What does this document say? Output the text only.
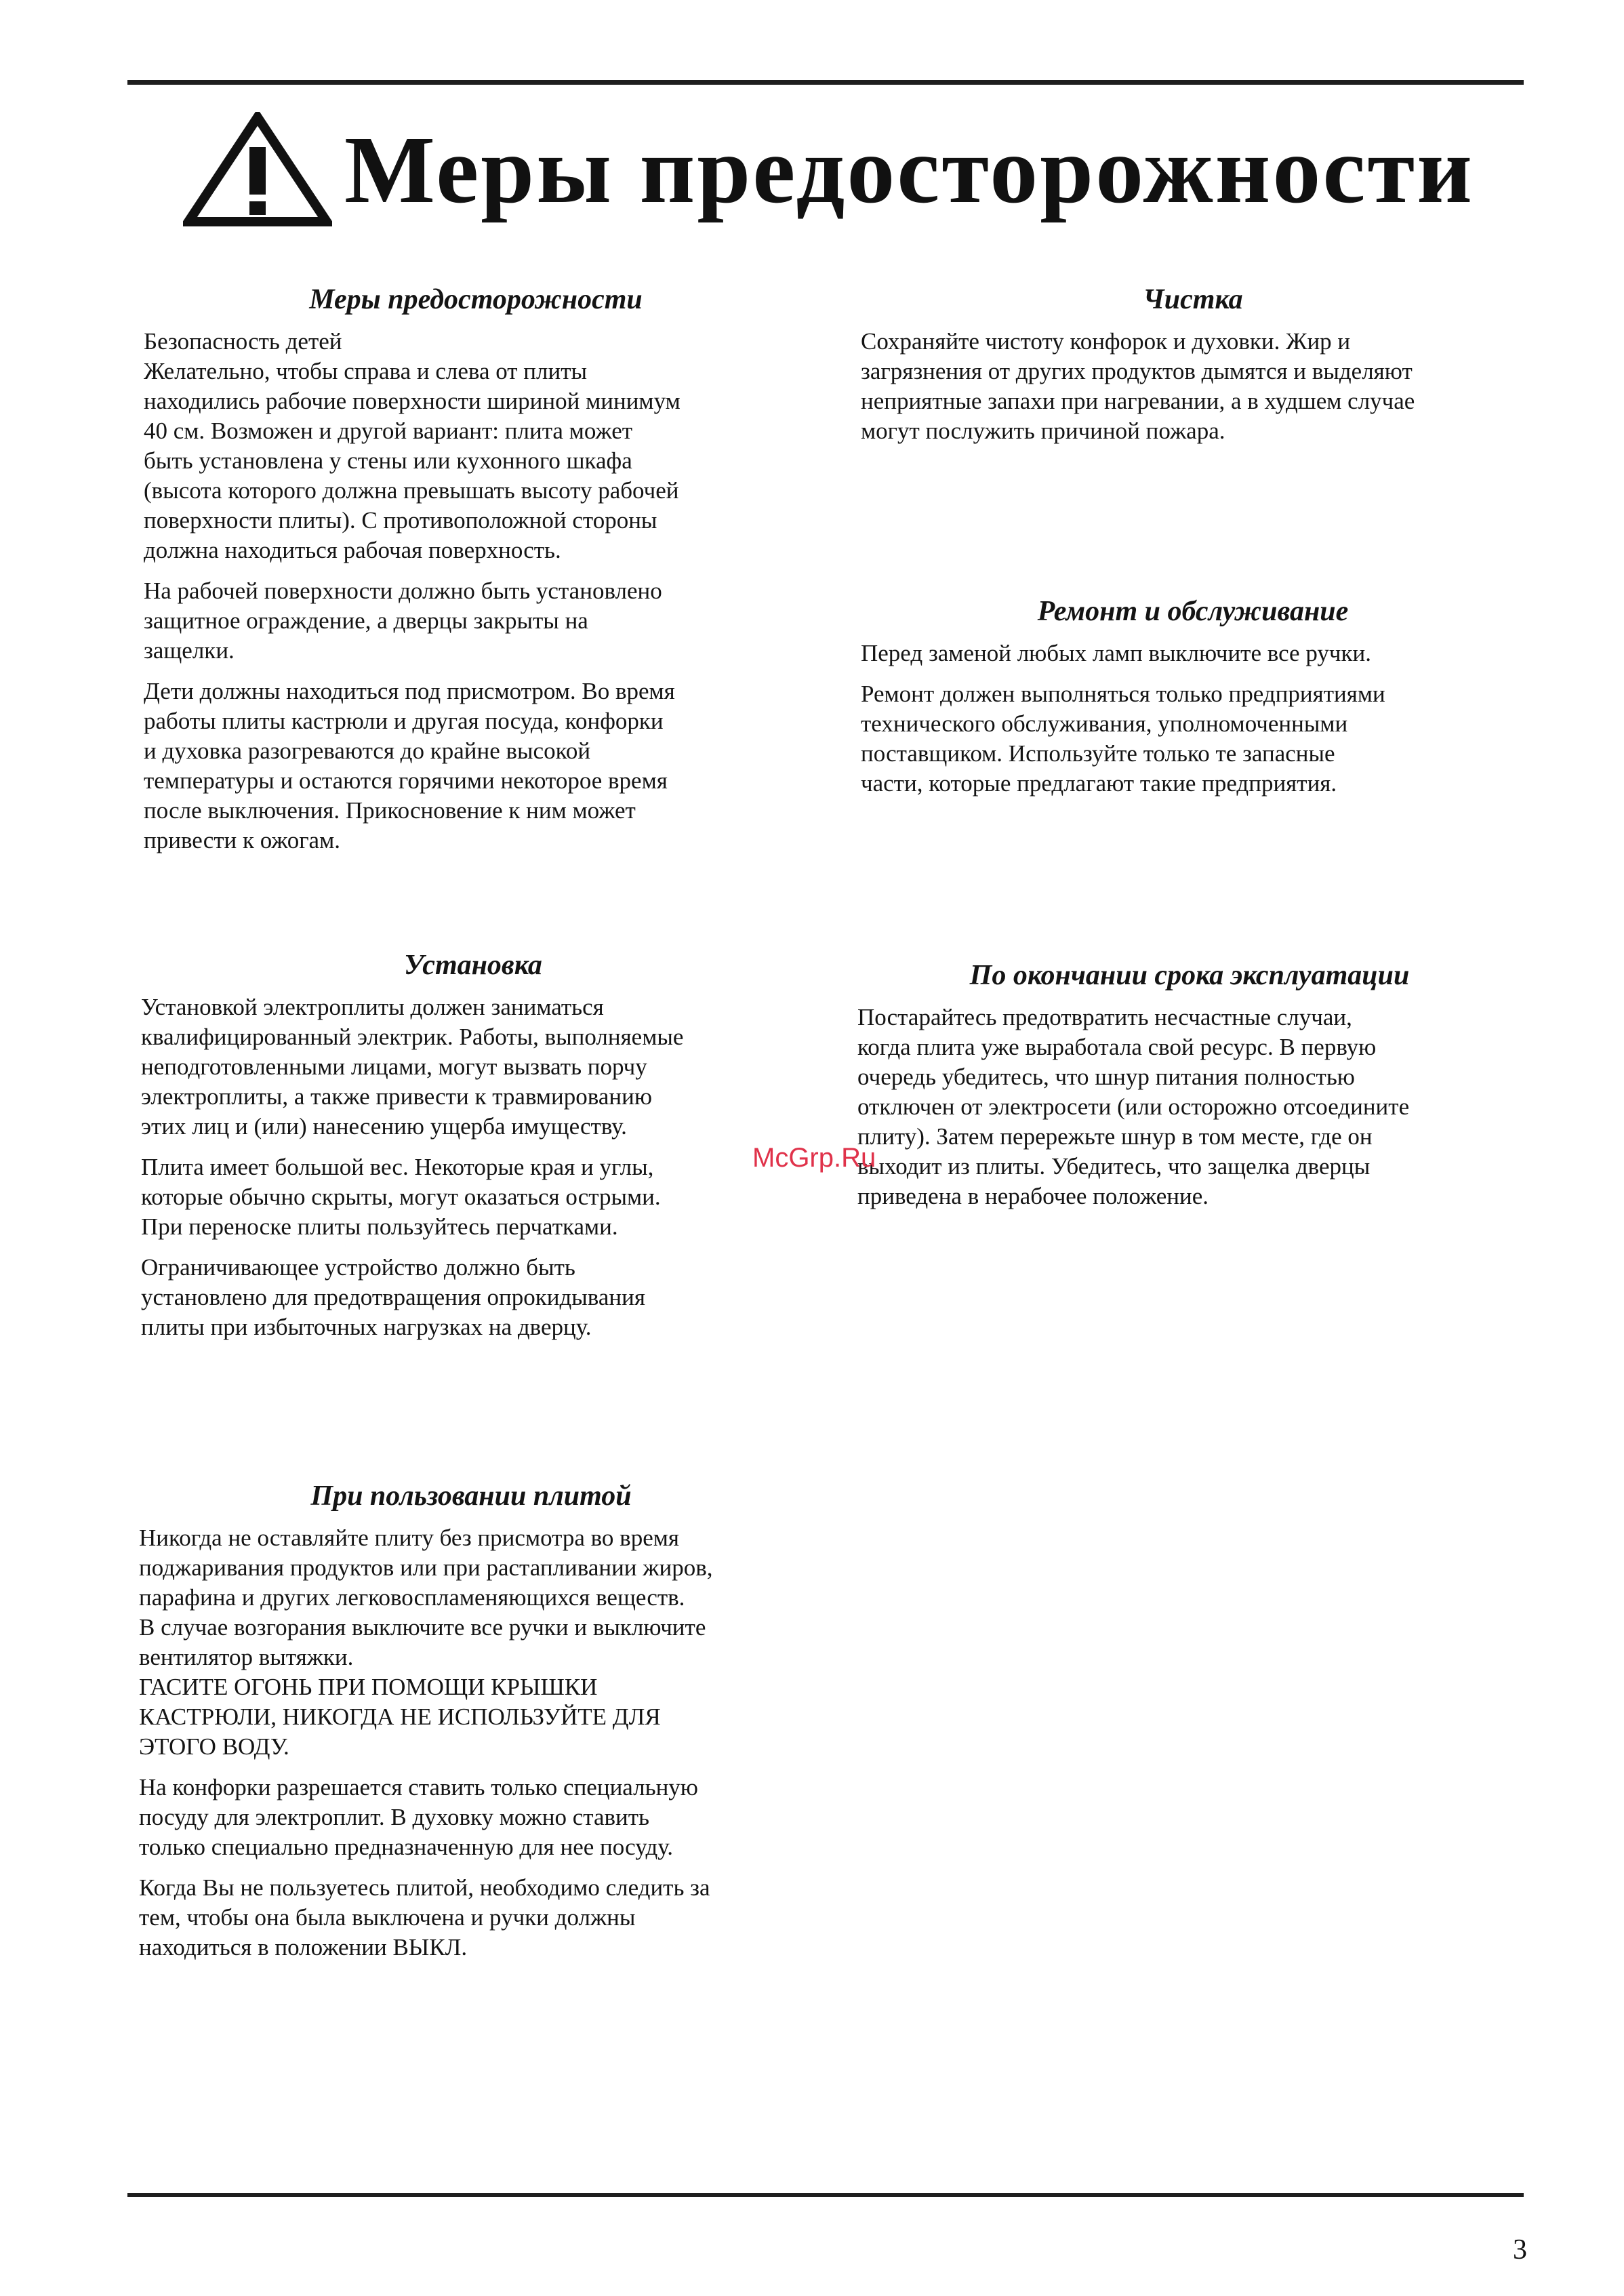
Меры предосторожности
Меры предосторожности

Безопасность детей
Желательно, чтобы справа и слева от плиты
находились рабочие поверхности шириной минимум
40 см. Возможен и другой вариант: плита может
быть установлена у стены или кухонного шкафа
(высота которого должна превышать высоту рабочей
поверхности плиты). С противоположной стороны
должна находиться рабочая поверхность.

На рабочей поверхности должно быть установлено
защитное ограждение, а дверцы закрыты на
защелки.

Дети должны находиться под присмотром. Во время
работы плиты кастрюли и другая посуда, конфорки
и духовка разогреваются до крайне высокой
температуры и остаются горячими некоторое время
после выключения. Прикосновение к ним может
привести к ожогам.

Чистка

Сохраняйте чистоту конфорок и духовки. Жир и
загрязнения от других продуктов дымятся и выделяют
неприятные запахи при нагревании, а в худшем случае
могут послужить причиной пожара.

Ремонт и обслуживание

Перед заменой любых ламп выключите все ручки.

Ремонт должен выполняться только предприятиями
технического обслуживания, уполномоченными
поставщиком. Используйте только те запасные
части, которые предлагают такие предприятия.

Установка

Установкой электроплиты должен заниматься
квалифицированный электрик. Работы, выполняемые
неподготовленными лицами, могут вызвать порчу
электроплиты, а также привести к травмированию
этих лиц и (или) нанесению ущерба имуществу.

Плита имеет большой вес. Некоторые края и углы,
которые обычно скрыты, могут оказаться острыми.
При переноске плиты пользуйтесь перчатками.

Ограничивающее устройство должно быть
установлено для предотвращения опрокидывания
плиты при избыточных нагрузках на дверцу.

По окончании срока эксплуатации

Постарайтесь предотвратить несчастные случаи,
когда плита уже выработала свой ресурс. В первую
очередь убедитесь, что шнур питания полностью
отключен от электросети (или осторожно отсоедините
плиту). Затем перережьте шнур в том месте, где он
выходит из плиты. Убедитесь, что защелка дверцы
приведена в нерабочее положение.

При пользовании плитой

Никогда не оставляйте плиту без присмотра во время
поджаривания продуктов или при растапливании жиров,
парафина и других легковоспламеняющихся веществ.
В случае возгорания выключите все ручки и выключите
вентилятор вытяжки.
ГАСИТЕ ОГОНЬ ПРИ ПОМОЩИ КРЫШКИ
КАСТРЮЛИ, НИКОГДА НЕ ИСПОЛЬЗУЙТЕ ДЛЯ
ЭТОГО ВОДУ.

На конфорки разрешается ставить только специальную
посуду для электроплит. В духовку можно ставить
только специально предназначенную для нее посуду.

Когда Вы не пользуетесь плитой, необходимо следить за
тем, чтобы она была выключена и ручки должны
находиться в положении ВЫКЛ.

McGrp.Ru
3
